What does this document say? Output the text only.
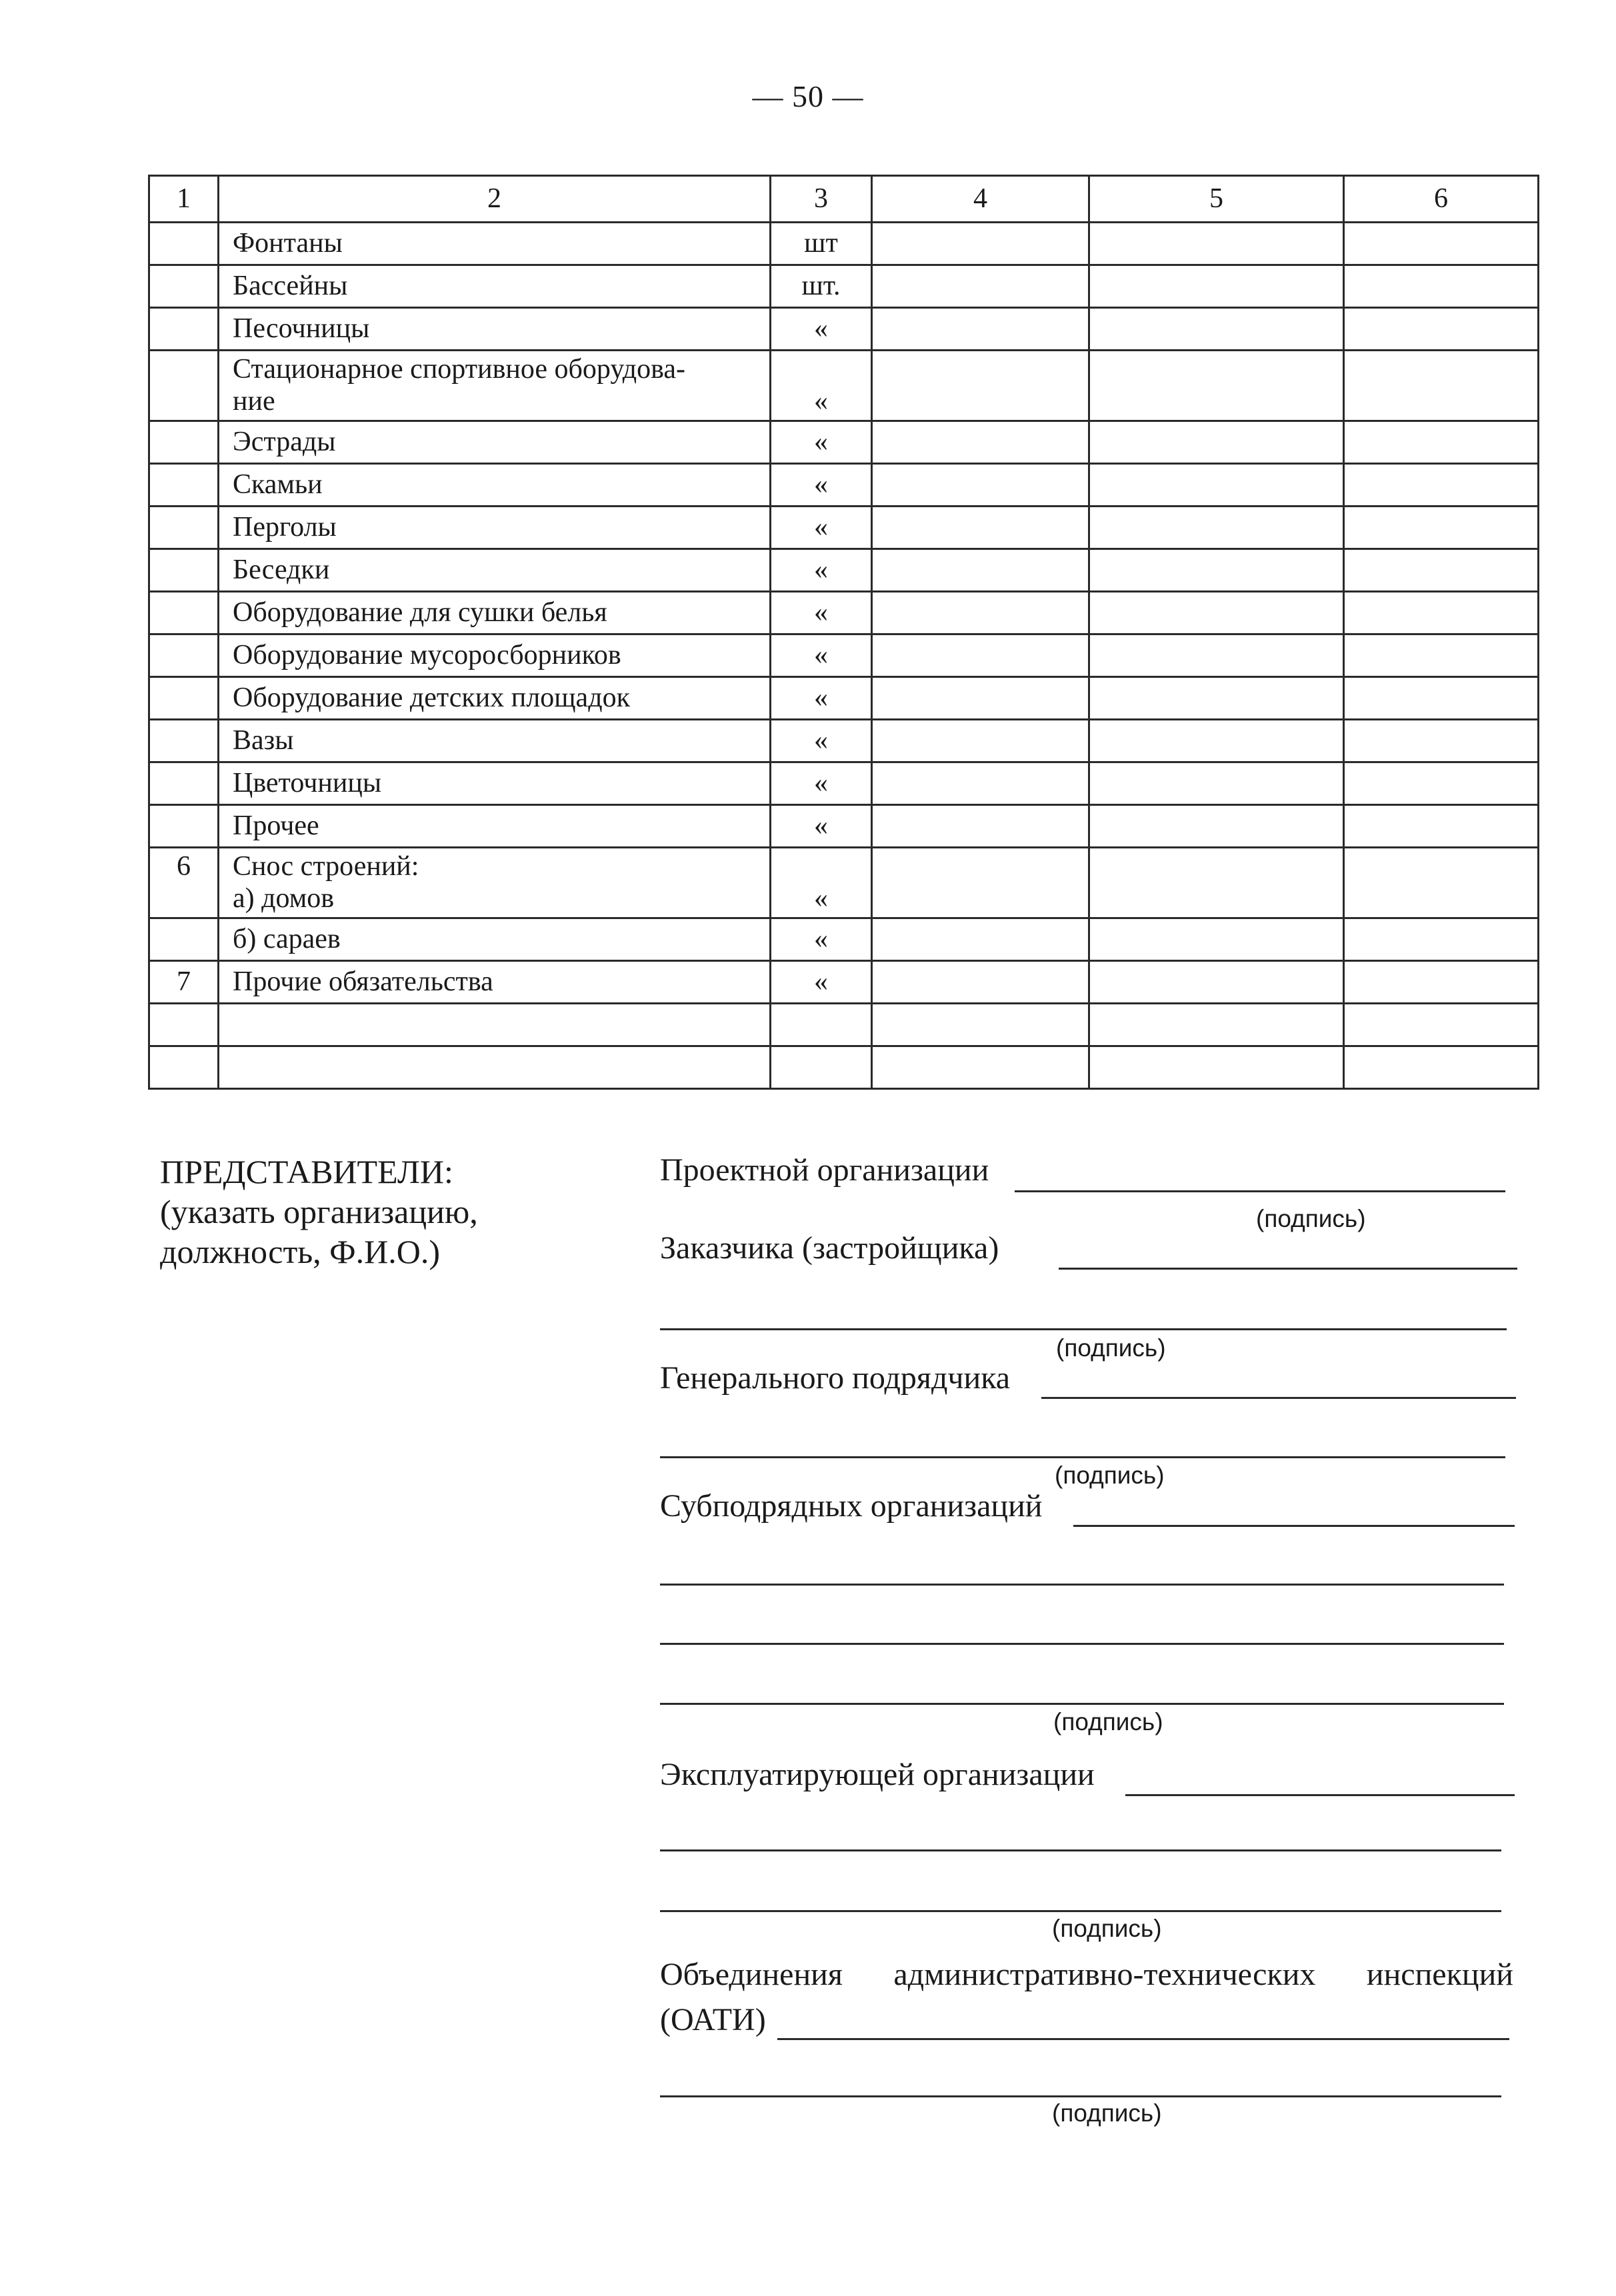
— 50 —
1	2	3	4	5	6

	Фонтаны	шт			

	Бассейны	шт.			

	Песочницы	«			

	Стационарное спортивное оборудова-
ние	«			

	Эстрады	«			

	Скамьи	«			

	Перголы	«			

	Беседки	«			

	Оборудование для сушки белья	«			

	Оборудование мусоросборников	«			

	Оборудование детских площадок	«			

	Вазы	«			

	Цветочницы	«			

	Прочее	«			

6	Снос строений:
а) домов	«			

	б) сараев	«			

7	Прочие обязательства	«			

ПРЕДСТАВИТЕЛИ:
(указать организацию,
должность, Ф.И.О.)
Проектной организации
(подпись)
Заказчика (застройщика)
(подпись)
Генерального подрядчика
(подпись)
Субподрядных организаций
(подпись)
Эксплуатирующей организации
(подпись)
Объединения административно-технических инспекций
(ОАТИ)
(подпись)
